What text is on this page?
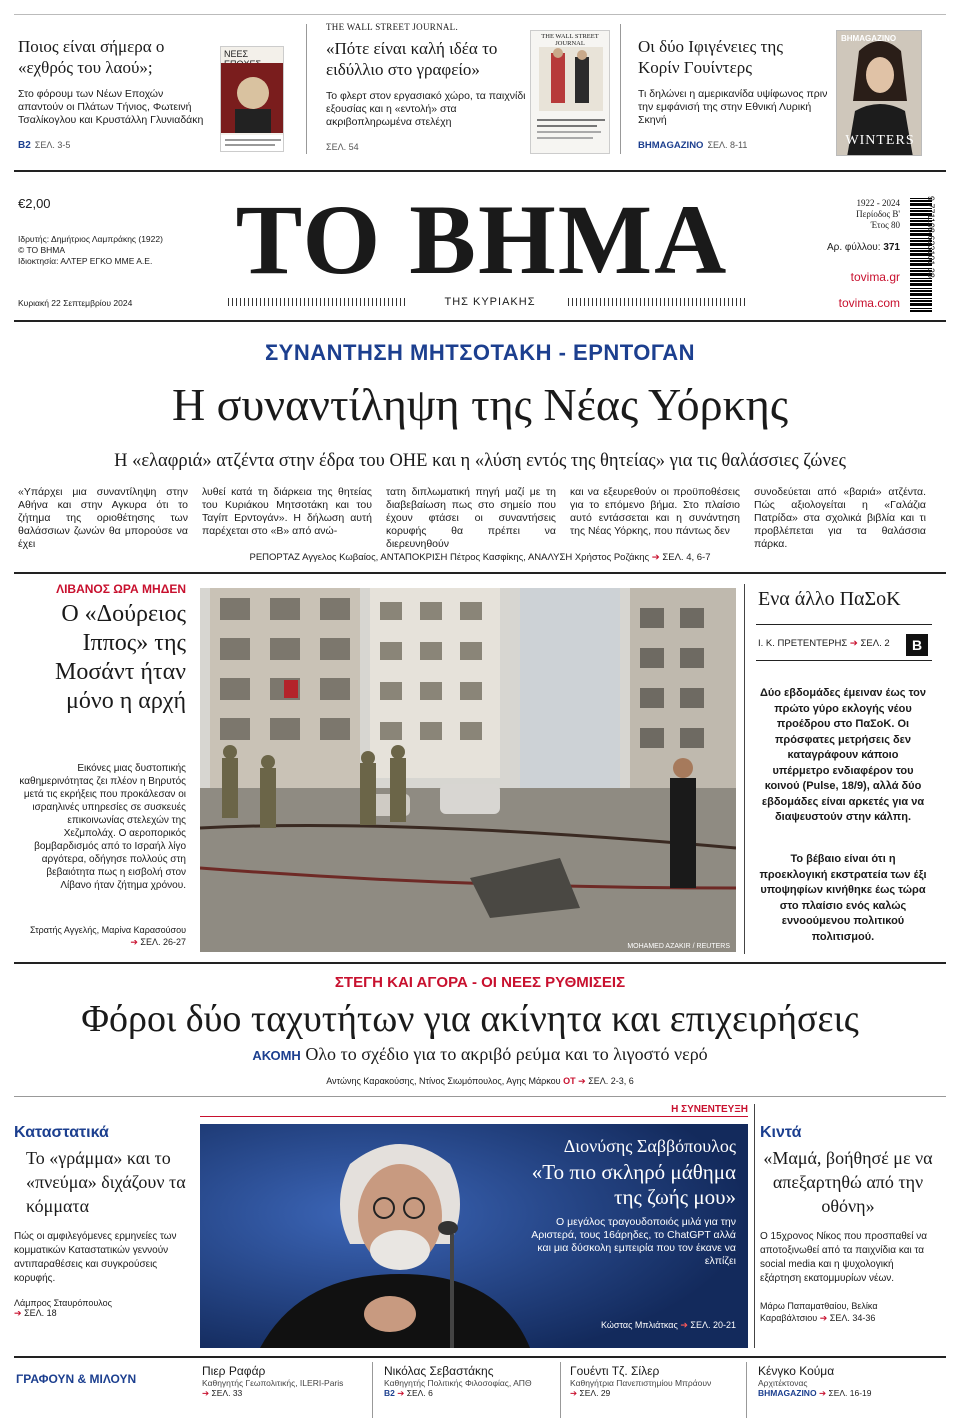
Ποιος είναι σήμερα ο «εχθρός του λαού»;
Στο φόρουμ των Νέων Εποχών απαντούν οι Πλάτων Τήνιος, Φωτεινή Τσαλίκογλου και Κρυστάλλη Γλυνιαδάκη
B2 ΣΕΛ. 3-5
ΝΕΕΣ
THE WALL STREET JOURNAL.
«Πότε είναι καλή ιδέα το ειδύλλιο στο γραφείο»
Το φλερτ στον εργασιακό χώρο, τα παιχνίδι εξουσίας και η «εντολή» στα ακριβοπληρωμένα στελέχη
ΣΕΛ. 54
THE WALL STREET JOURNAL	Οι δύο Ιφιγένειες της Κορίν Γουίντερς
Τι δηλώνει η αμερικανίδα υψίφωνος πριν την εμφάνισή της στην Εθνική Λυρική Σκηνή
BHMAGAZINO ΣΕΛ. 8-11
BHMAGAZINO
WINTERS
€2,00
Ιδρυτής: Δημήτριος Λαμπράκης (1922)
© ΤΟ ΒΗΜΑ
Ιδιοκτησία: ΑΛΤΕΡ ΕΓΚΟ ΜΜΕ Α.Ε.
Κυριακή 22 Σεπτεμβρίου 2024
ΤΟ ΒΗΜΑ
ΤΗΣ ΚΥΡΙΑΚΗΣ
1922 - 2024
Περίοδος Β'
Έτος 80
Αρ. φύλλου: 371
tovima.gr
tovima.com
9 771108 623101 38
ΣΥΝΑΝΤΗΣΗ ΜΗΤΣΟΤΑΚΗ - ΕΡΝΤΟΓΑΝ
Η συναντίληψη της Νέας Υόρκης
Η «ελαφριά» ατζέντα στην έδρα του ΟΗΕ και η «λύση εντός της θητείας» για τις θαλάσσιες ζώνες
«Υπάρχει μια συναντίληψη στην Αθήνα και στην Αγκυρα ότι το ζήτημα της οριοθέτησης των θαλάσσιων ζωνών θα μπορούσε να έχει
λυθεί κατά τη διάρκεια της θητείας του Κυριάκου Μητσοτάκη και του Ταγίπ Ερντογάν». Η δήλωση αυτή παρέχεται στο «Β» από ανώ-
τατη διπλωματική πηγή μαζί με τη διαβεβαίωση πως στο σημείο που έχουν φτάσει οι συναντήσεις κορυφής θα πρέπει να διερευνηθούν
και να εξευρεθούν οι προϋποθέσεις για το επόμενο βήμα. Στο πλαίσιο αυτό εντάσσεται και η συνάντηση της Νέας Υόρκης, που πάντως δεν
συνοδεύεται από «βαριά» ατζέντα. Πώς αξιολογείται η «Γαλάζια Πατρίδα» στα σχολικά βιβλία και τι προβλέπεται για τα θαλάσσια πάρκα.
ΡΕΠΟΡΤΑΖ Αγγελος Κωβαίος, ΑΝΤΑΠΟΚΡΙΣΗ Πέτρος Κασφίκης, ΑΝΑΛΥΣΗ Χρήστος Ροζάκης ➔ ΣΕΛ. 4, 6-7
ΛΙΒΑΝΟΣ ΩΡΑ ΜΗΔΕΝ
Ο «Δούρειος Ιππος» της Μοσάντ ήταν μόνο η αρχή
Εικόνες μιας δυστοπικής καθημερινότητας ζει πλέον η Βηρυτός μετά τις εκρήξεις που προκάλεσαν οι ισραηλινές υπηρεσίες σε συσκευές επικοινωνίας στελεχών της Χεζμπολάχ. Ο αεροπορικός βομβαρδισμός από το Ισραήλ λίγο αργότερα, οδήγησε πολλούς στη βεβαιότητα πως η εισβολή στον Λίβανο ήταν ζήτημα χρόνου.
Στρατής Αγγελής, Μαρίνα Καρασούσου
➔ ΣΕΛ. 26-27	MOHAMED AZAKIR / REUTERS
Ενα άλλο ΠαΣοΚ
Ι. Κ. ΠΡΕΤΕΝΤΕΡΗΣ ➔ ΣΕΛ. 2	B
Δύο εβδομάδες έμειναν έως τον πρώτο γύρο εκλογής νέου προέδρου στο ΠαΣοΚ. Οι πρόσφατες μετρήσεις δεν καταγράφουν κάποιο υπέρμετρο ενδιαφέρον του κοινού (Pulse, 18/9), αλλά δύο εβδομάδες είναι αρκετές για να διαψευστούν στην κάλπη.
Το βέβαιο είναι ότι η προεκλογική εκστρατεία των έξι υποψηφίων κινήθηκε έως τώρα στο πλαίσιο ενός καλώς εννοούμενου πολιτικού πολιτισμού.
ΣΤΕΓΗ ΚΑΙ ΑΓΟΡΑ - ΟΙ ΝΕΕΣ ΡΥΘΜΙΣΕΙΣ
Φόροι δύο ταχυτήτων για ακίνητα και επιχειρήσεις
ΑΚΟΜΗ Ολο το σχέδιο για το ακριβό ρεύμα και το λιγοστό νερό
Αντώνης Καρακούσης, Ντίνος Σιωμόπουλος, Αγης Μάρκου ΟΤ ➔ ΣΕΛ. 2-3, 6
Καταστατικά
Το «γράμμα» και το «πνεύμα» διχάζουν τα κόμματα
Πώς οι αμφιλεγόμενες ερμηνείες των κομματικών Καταστατικών γεννούν αντιπαραθέσεις και συγκρούσεις κορυφής.
Λάμπρος Σταυρόπουλος
➔ ΣΕΛ. 18
Η ΣΥΝΕΝΤΕΥΞΗ
Διονύσης Σαββόπουλος
«Το πιο σκληρό μάθημα της ζωής μου»
Ο μεγάλος τραγουδοποιός μιλά για την Αριστερά, τους 16άρηδες, το ChatGPT αλλά και μια δύσκολη εμπειρία που τον έκανε να ελπίζει
Κώστας Μπλιάτκας ➔ ΣΕΛ. 20-21
Κιντά
«Μαμά, βοήθησέ με να απεξαρτηθώ από την οθόνη»
Ο 15χρονος Νίκος που προσπαθεί να αποτοξινωθεί από τα παιχνίδια και τα social media και η ψυχολογική εξάρτηση εκατομμυρίων νέων.
Μάρω Παπαματθαίου, Βελίκα Καραβάλτσιου ➔ ΣΕΛ. 34-36
ΓΡΑΦΟΥΝ & ΜΙΛΟΥΝ
Πιερ Ραφάρ
Καθηγητής Γεωπολιτικής, ILERI-Paris
➔ ΣΕΛ. 33
Νικόλας Σεβαστάκης
Καθηγητής Πολιτικής Φιλοσοφίας, ΑΠΘ
B2 ➔ ΣΕΛ. 6
Γουέντι Τζ. Σίλερ
Καθηγήτρια Πανεπιστημίου Μπράουν
➔ ΣΕΛ. 29
Κένγκο Κούμα
Αρχιτέκτονας
BHMAGAZINO ➔ ΣΕΛ. 16-19
